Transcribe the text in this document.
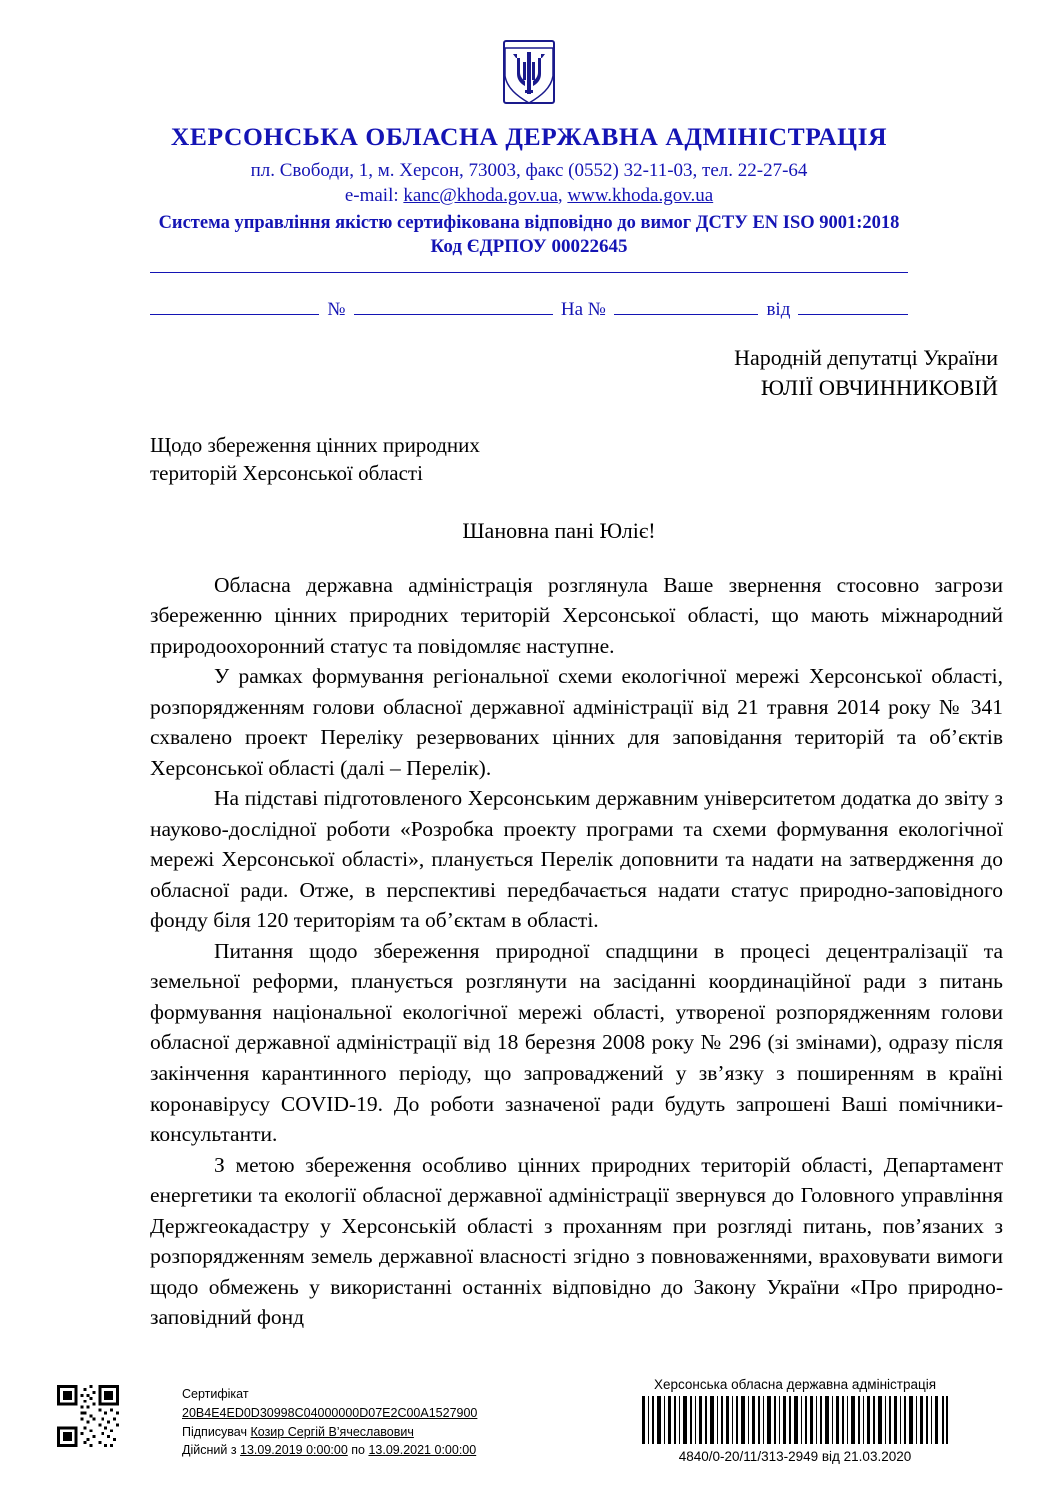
ХЕРСОНСЬКА ОБЛАСНА ДЕРЖАВНА АДМІНІСТРАЦІЯ
пл. Свободи, 1, м. Херсон, 73003, факс (0552) 32-11-03, тел. 22-27-64
e-mail: kanc@khoda.gov.ua, www.khoda.gov.ua
Система управління якістю сертифікована відповідно до вимог ДСТУ EN ISO 9001:2018
Код ЄДРПОУ 00022645
№	На №	від
Народній депутатці України
ЮЛІЇ ОВЧИННИКОВІЙ
Щодо збереження цінних природних
територій Херсонської області
Шановна пані Юліє!

Обласна державна адміністрація розглянула Ваше звернення стосовно загрози збереженню цінних природних територій Херсонської області, що мають міжнародний природоохоронний статус та повідомляє наступне.

У рамках формування регіональної схеми екологічної мережі Херсонської області, розпорядженням голови обласної державної адміністрації від 21 травня 2014 року № 341 схвалено проект Переліку резервованих цінних для заповідання територій та об’єктів Херсонської області (далі – Перелік).

На підставі підготовленого Херсонським державним університетом додатка до звіту з науково-дослідної роботи «Розробка проекту програми та схеми формування екологічної мережі Херсонської області», планується Перелік доповнити та надати на затвердження до обласної ради. Отже, в перспективі передбачається надати статус природно-заповідного фонду біля 120 територіям та об’єктам в області.

Питання щодо збереження природної спадщини в процесі децентралізації та земельної реформи, планується розглянути на засіданні координаційної ради з питань формування національної екологічної мережі області, утвореної розпорядженням голови обласної державної адміністрації від 18 березня 2008 року № 296 (зі змінами), одразу після закінчення карантинного періоду, що запроваджений у зв’язку з поширенням в країні коронавірусу COVID-19. До роботи зазначеної ради будуть запрошені Ваші помічники-консультанти.

З метою збереження особливо цінних природних територій області, Департамент енергетики та екології обласної державної адміністрації звернувся до Головного управління Держгеокадастру у Херсонській області з проханням при розгляді питань, пов’язаних з розпорядженням земель державної власності згідно з повноваженнями, враховувати вимоги щодо обмежень у використанні останніх відповідно до Закону України «Про природно-заповідний фонд

Сертифікат
20B4E4ED0D30998C04000000D07E2C00A1527900
Підписувач Козир Сергій В’ячеславович
Дійсний з 13.09.2019 0:00:00 по 13.09.2021 0:00:00
Херсонська обласна державна адміністрація
4840/0-20/11/313-2949 від 21.03.2020
